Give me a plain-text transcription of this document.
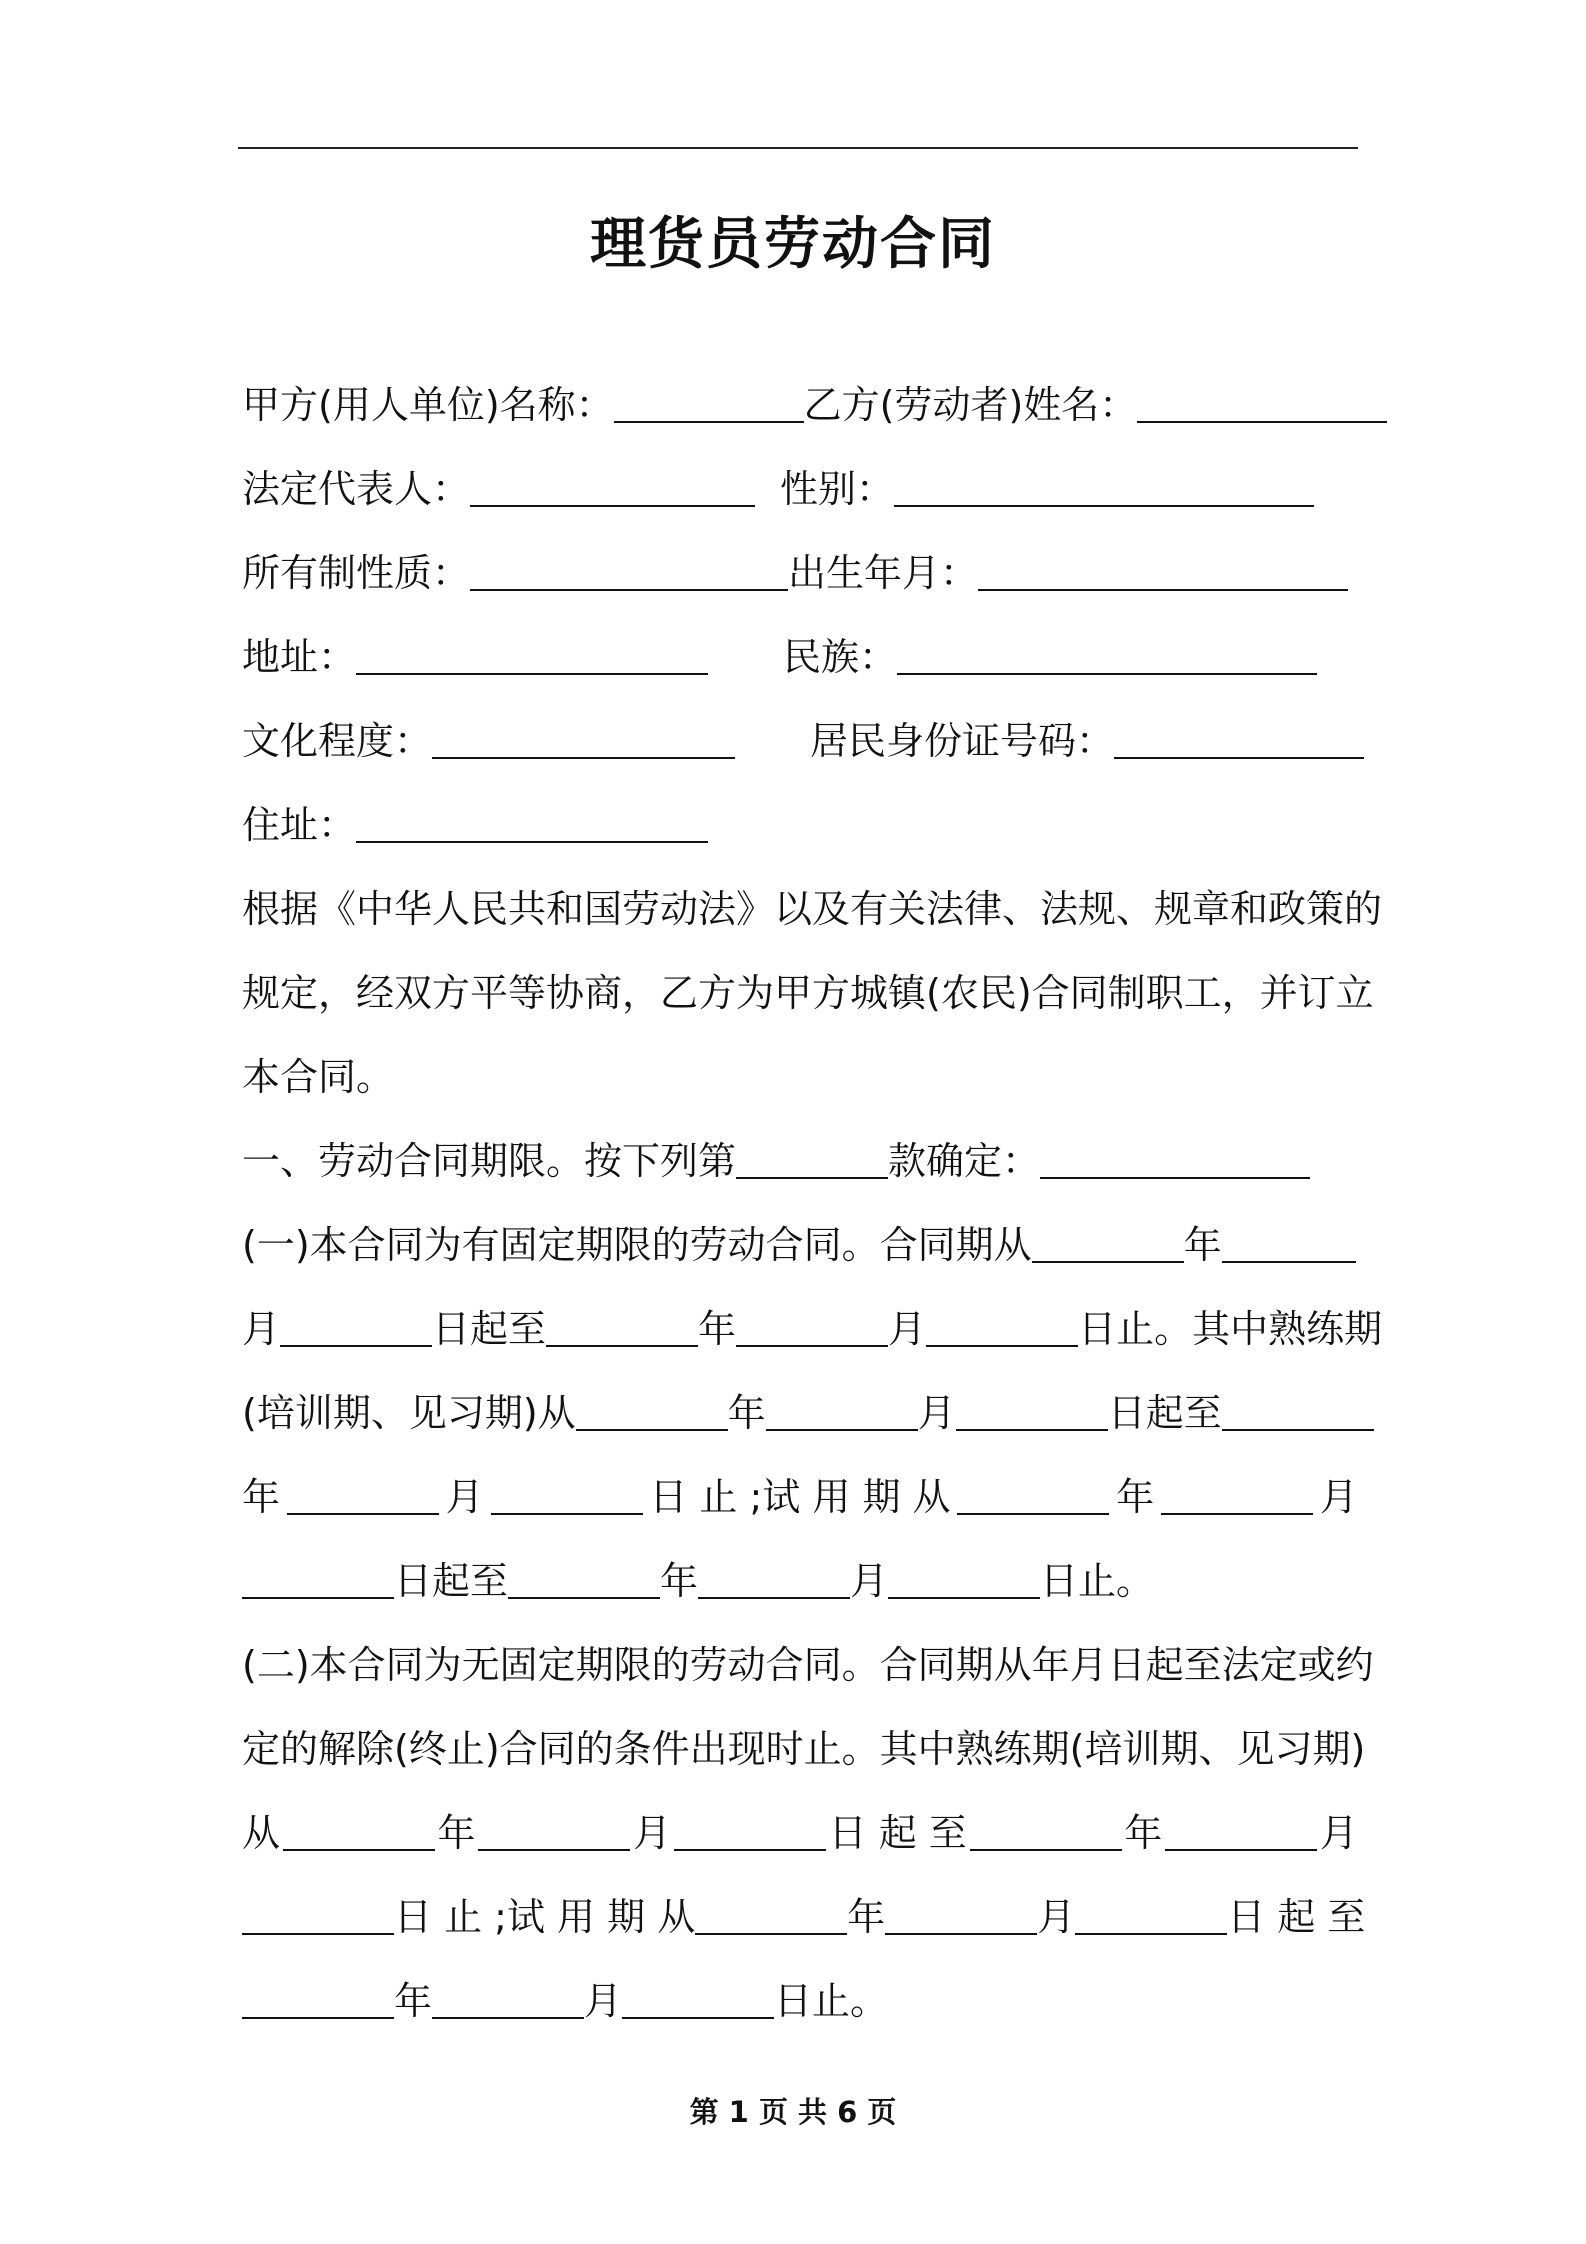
理货员劳动合同
甲方(用人单位)名称：	乙方(劳动者)姓名：
法定代表人：	性别：
所有制性质：	出生年月：
地址：	民族：
文化程度：	居民身份证号码：
住址：
根据《中华人民共和国劳动法》以及有关法律、法规、规章和政策的
规定，经双方平等协商，乙方为甲方城镇(农民)合同制职工，并订立
本合同。
一、劳动合同期限。按下列第	款确定：
(一)本合同为有固定期限的劳动合同。合同期从	年
月	日起至	年	月	日止。其中熟练期
(培训期、见习期)从	年	月	日起至
年	月	日 止 ;试 用 期 从	年	月
日起至	年	月	日止。
(二)本合同为无固定期限的劳动合同。合同期从年月日起至法定或约
定的解除(终止)合同的条件出现时止。其中熟练期(培训期、见习期)
从	年	月	日 起 至	年	月
日 止 ;试 用 期 从	年	月	日 起 至
年	月	日止。
第 1 页 共 6 页
